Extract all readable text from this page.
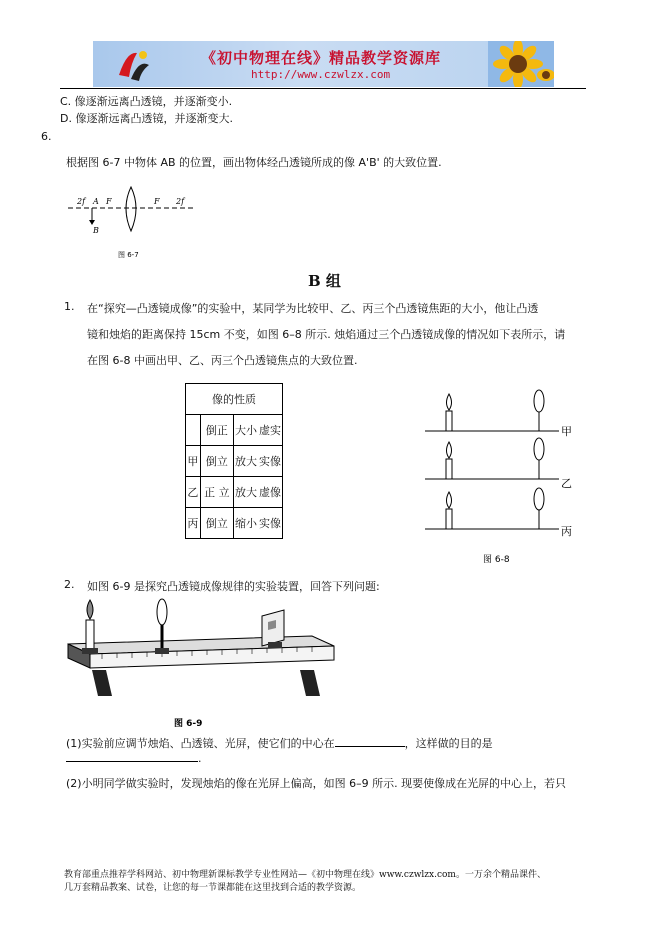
《初中物理在线》精品教学资源库
http://www.czwlzx.com
C. 像逐渐远离凸透镜，并逐渐变小.
D. 像逐渐远离凸透镜，并逐渐变大.
6.
根据图 6-7 中物体 AB 的位置，画出物体经凸透镜所成的像 A'B' 的大致位置.
2f A F	F 2f
B
图 6-7
B 组
1. 在“探究—凸透镜成像”的实验中，某同学为比较甲、乙、丙三个凸透镜焦距的大小，他让凸透
镜和烛焰的距离保持 15cm 不变，如图 6–8 所示. 烛焰通过三个凸透镜成像的情况如下表所示，请
在图 6-8 中画出甲、乙、丙三个凸透镜焦点的大致位置.
像的性质			
	倒正	大小	虚实
甲	倒立	放大	实像
乙	正 立	放大	虚像
丙	倒立	缩小	实像
甲
乙
丙
图 6-8
2. 如图 6-9 是探究凸透镜成像规律的实验装置，回答下列问题:
图 6-9
(1)实验前应调节烛焰、凸透镜、光屏，使它们的中心在	，这样做的目的是
.
(2)小明同学做实验时，发现烛焰的像在光屏上偏高，如图 6–9 所示. 现要使像成在光屏的中心上，若只
教育部重点推荐学科网站、初中物理新课标教学专业性网站—《初中物理在线》www.czwlzx.com。一万余个精品课件、
几万套精品教案、试卷，让您的每一节课都能在这里找到合适的教学资源。
